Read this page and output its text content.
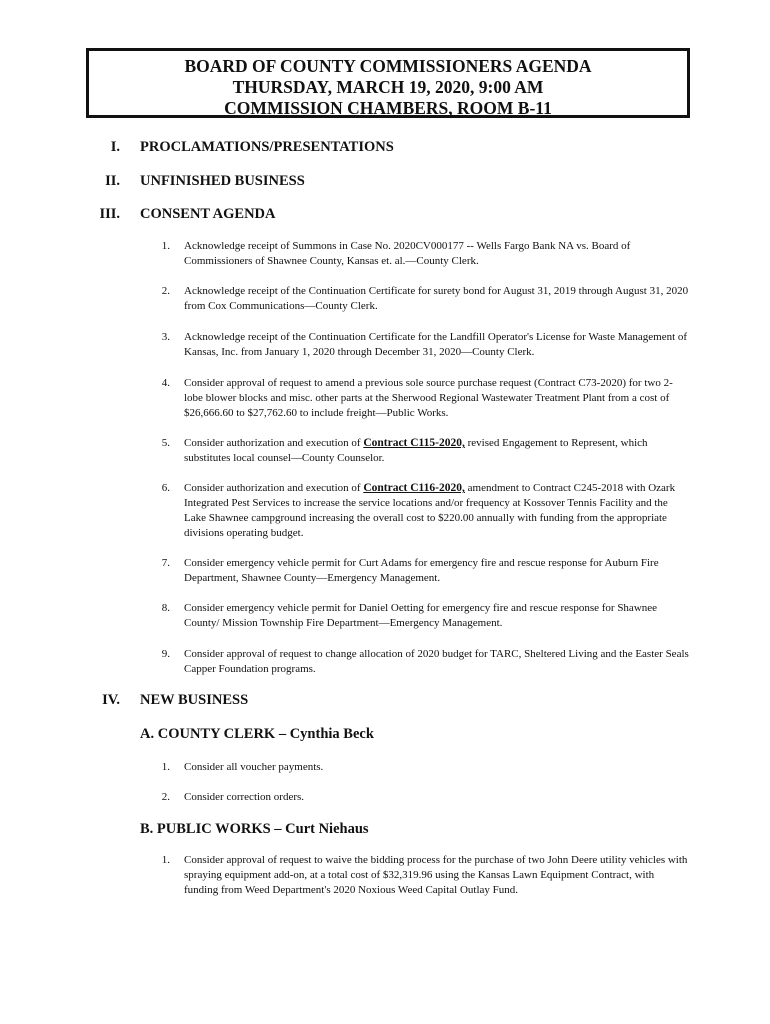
BOARD OF COUNTY COMMISSIONERS AGENDA
THURSDAY, MARCH 19, 2020, 9:00 AM
COMMISSION CHAMBERS, ROOM B-11
I. PROCLAMATIONS/PRESENTATIONS
II. UNFINISHED BUSINESS
III. CONSENT AGENDA
1. Acknowledge receipt of Summons in Case No. 2020CV000177 -- Wells Fargo Bank NA vs. Board of Commissioners of Shawnee County, Kansas et. al.—County Clerk.
2. Acknowledge receipt of the Continuation Certificate for surety bond for August 31, 2019 through August 31, 2020 from Cox Communications—County Clerk.
3. Acknowledge receipt of the Continuation Certificate for the Landfill Operator's License for Waste Management of Kansas, Inc. from January 1, 2020 through December 31, 2020—County Clerk.
4. Consider approval of request to amend a previous sole source purchase request (Contract C73-2020) for two 2-lobe blower blocks and misc. other parts at the Sherwood Regional Wastewater Treatment Plant from a cost of $26,666.60 to $27,762.60 to include freight—Public Works.
5. Consider authorization and execution of Contract C115-2020, revised Engagement to Represent, which substitutes local counsel—County Counselor.
6. Consider authorization and execution of Contract C116-2020, amendment to Contract C245-2018 with Ozark Integrated Pest Services to increase the service locations and/or frequency at Kossover Tennis Facility and the Lake Shawnee campground increasing the overall cost to $220.00 annually with funding from the appropriate divisions operating budget.
7. Consider emergency vehicle permit for Curt Adams for emergency fire and rescue response for Auburn Fire Department, Shawnee County—Emergency Management.
8. Consider emergency vehicle permit for Daniel Oetting for emergency fire and rescue response for Shawnee County/ Mission Township Fire Department—Emergency Management.
9. Consider approval of request to change allocation of 2020 budget for TARC, Sheltered Living and the Easter Seals Capper Foundation programs.
IV. NEW BUSINESS
A. COUNTY CLERK – Cynthia Beck
1. Consider all voucher payments.
2. Consider correction orders.
B. PUBLIC WORKS – Curt Niehaus
1. Consider approval of request to waive the bidding process for the purchase of two John Deere utility vehicles with spraying equipment add-on, at a total cost of $32,319.96 using the Kansas Lawn Equipment Contract, with funding from Weed Department's 2020 Noxious Weed Capital Outlay Fund.
